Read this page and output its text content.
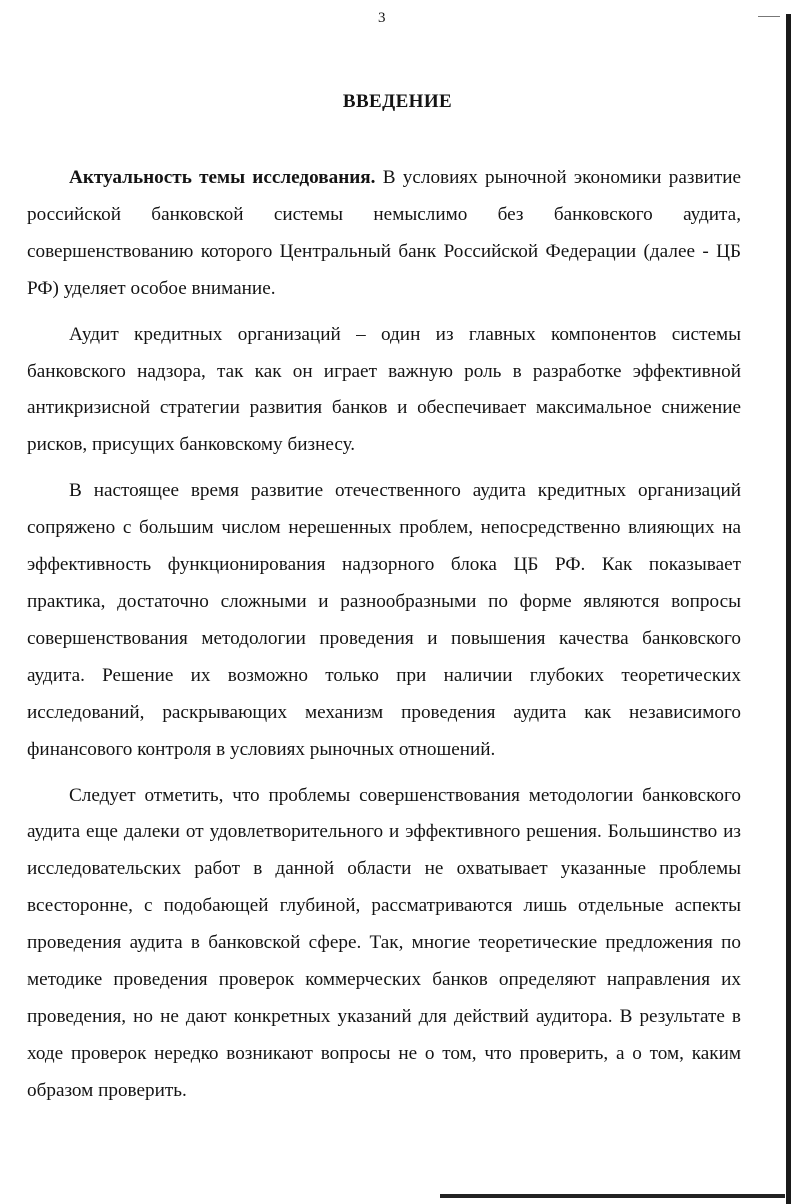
3
ВВЕДЕНИЕ

Актуальность темы исследования. В условиях рыночной экономики развитие российской банковской системы немыслимо без банковского аудита, совершенствованию которого Центральный банк Российской Федерации (далее - ЦБ РФ) уделяет особое внимание.

Аудит кредитных организаций – один из главных компонентов системы банковского надзора, так как он играет важную роль в разработке эффективной антикризисной стратегии развития банков и обеспечивает максимальное снижение рисков, присущих банковскому бизнесу.

В настоящее время развитие отечественного аудита кредитных организаций сопряжено с большим числом нерешенных проблем, непосредственно влияющих на эффективность функционирования надзорного блока ЦБ РФ. Как показывает практика, достаточно сложными и разнообразными по форме являются вопросы совершенствования методологии проведения и повышения качества банковского аудита. Решение их возможно только при наличии глубоких теоретических исследований, раскрывающих механизм проведения аудита как независимого финансового контроля в условиях рыночных отношений.

Следует отметить, что проблемы совершенствования методологии банковского аудита еще далеки от удовлетворительного и эффективного решения. Большинство из исследовательских работ в данной области не охватывает указанные проблемы всесторонне, с подобающей глубиной, рассматриваются лишь отдельные аспекты проведения аудита в банковской сфере. Так, многие теоретические предложения по методике проведения проверок коммерческих банков определяют направления их проведения, но не дают конкретных указаний для действий аудитора. В результате в ходе проверок нередко возникают вопросы не о том, что проверить, а о том, каким образом проверить.
